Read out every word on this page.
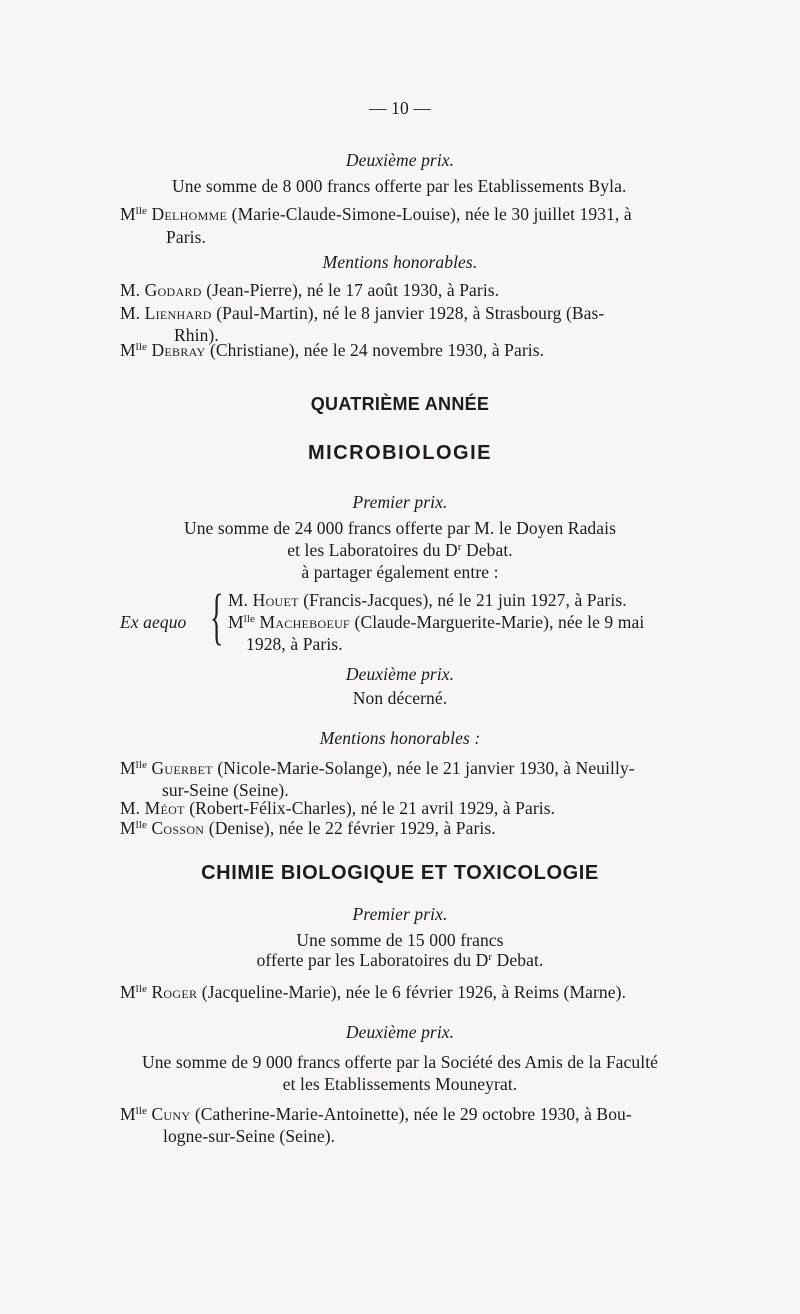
— 10 —
Deuxième prix.
Une somme de 8 000 francs offerte par les Etablissements Byla.
$M^{lle}$ Delhomme (Marie-Claude-Simone-Louise), née le 30 juillet 1931, à
Paris.
Mentions honorables.
M. Godard (Jean-Pierre), né le 17 août 1930, à Paris.
M. Lienhard (Paul-Martin), né le 8 janvier 1928, à Strasbourg (Bas-
Rhin).
$M^{lle}$ Debray (Christiane), née le 24 novembre 1930, à Paris.
QUATRIÈME ANNÉE
MICROBIOLOGIE
Premier prix.
Une somme de 24 000 francs offerte par M. le Doyen Radais
et les Laboratoires du $D^r$ Debat.
à partager également entre :
Ex aequo { M. Houet (Francis-Jacques), né le 21 juin 1927, à Paris.
$M^{lle}$ Macheboeuf (Claude-Marguerite-Marie), née le 9 mai
1928, à Paris.
Deuxième prix.
Non décerné.
Mentions honorables :
$M^{lle}$ Guerbet (Nicole-Marie-Solange), née le 21 janvier 1930, à Neuilly-
sur-Seine (Seine).
M. Méot (Robert-Félix-Charles), né le 21 avril 1929, à Paris.
$M^{lle}$ Cosson (Denise), née le 22 février 1929, à Paris.
CHIMIE BIOLOGIQUE ET TOXICOLOGIE
Premier prix.
Une somme de 15 000 francs
offerte par les Laboratoires du $D^r$ Debat.
$M^{lle}$ Roger (Jacqueline-Marie), née le 6 février 1926, à Reims (Marne).
Deuxième prix.
Une somme de 9 000 francs offerte par la Société des Amis de la Faculté
et les Etablissements Mouneyrat.
$M^{lle}$ Cuny (Catherine-Marie-Antoinette), née le 29 octobre 1930, à Bou-
logne-sur-Seine (Seine).
